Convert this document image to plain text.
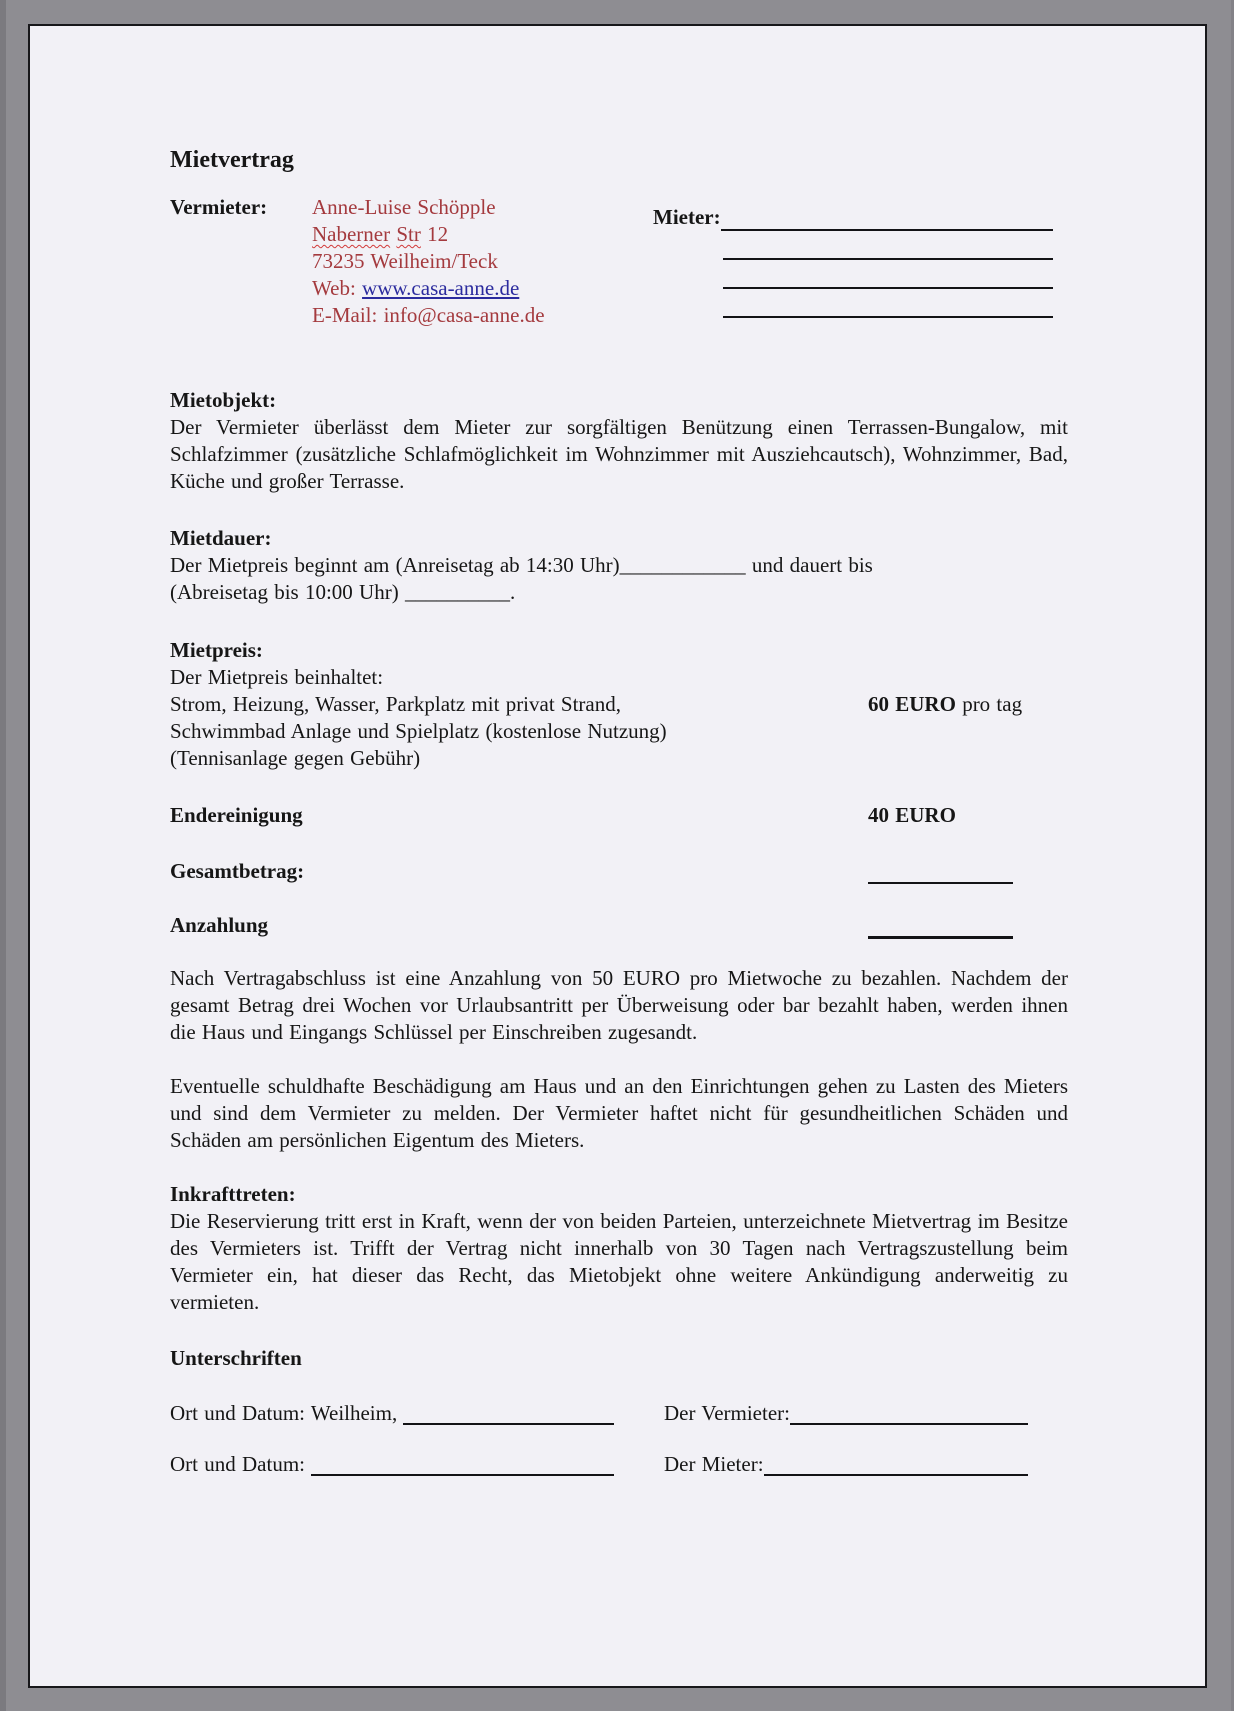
Mietvertrag
Vermieter: Anne-Luise Schöpple
Naberner Str 12
73235 Weilheim/Teck
Web: www.casa-anne.de
E-Mail: info@casa-anne.de
Mieter:
Mietobjekt:
Der Vermieter überlässt dem Mieter zur sorgfältigen Benützung einen Terrassen-Bungalow, mit Schlafzimmer (zusätzliche Schlafmöglichkeit im Wohnzimmer mit Ausziehcautsch), Wohnzimmer, Bad, Küche und großer Terrasse.
Mietdauer:
Der Mietpreis beginnt am (Anreisetag ab 14:30 Uhr)____________ und dauert bis
(Abreisetag bis 10:00 Uhr) __________.
Mietpreis:
Der Mietpreis beinhaltet:
Strom, Heizung, Wasser, Parkplatz mit privat Strand,	60 EURO pro tag
Schwimmbad Anlage und Spielplatz (kostenlose Nutzung)
(Tennisanlage gegen Gebühr)
Endereinigung	40 EURO
Gesamtbetrag:
Anzahlung
Nach Vertragabschluss ist eine Anzahlung von 50 EURO pro Mietwoche zu bezahlen. Nachdem der gesamt Betrag drei Wochen vor Urlaubsantritt per Überweisung oder bar bezahlt haben, werden ihnen die Haus und Eingangs Schlüssel per Einschreiben zugesandt.
Eventuelle schuldhafte Beschädigung am Haus und an den Einrichtungen gehen zu Lasten des Mieters und sind dem Vermieter zu melden. Der Vermieter haftet nicht für gesundheitlichen Schäden und Schäden am persönlichen Eigentum des Mieters.
Inkrafttreten:
Die Reservierung tritt erst in Kraft, wenn der von beiden Parteien, unterzeichnete Mietvertrag im Besitze des Vermieters ist. Trifft der Vertrag nicht innerhalb von 30 Tagen nach Vertragszustellung beim Vermieter ein, hat dieser das Recht, das Mietobjekt ohne weitere Ankündigung anderweitig zu vermieten.
Unterschriften
Ort und Datum: Weilheim,	Der Vermieter:
Ort und Datum:	Der Mieter:
